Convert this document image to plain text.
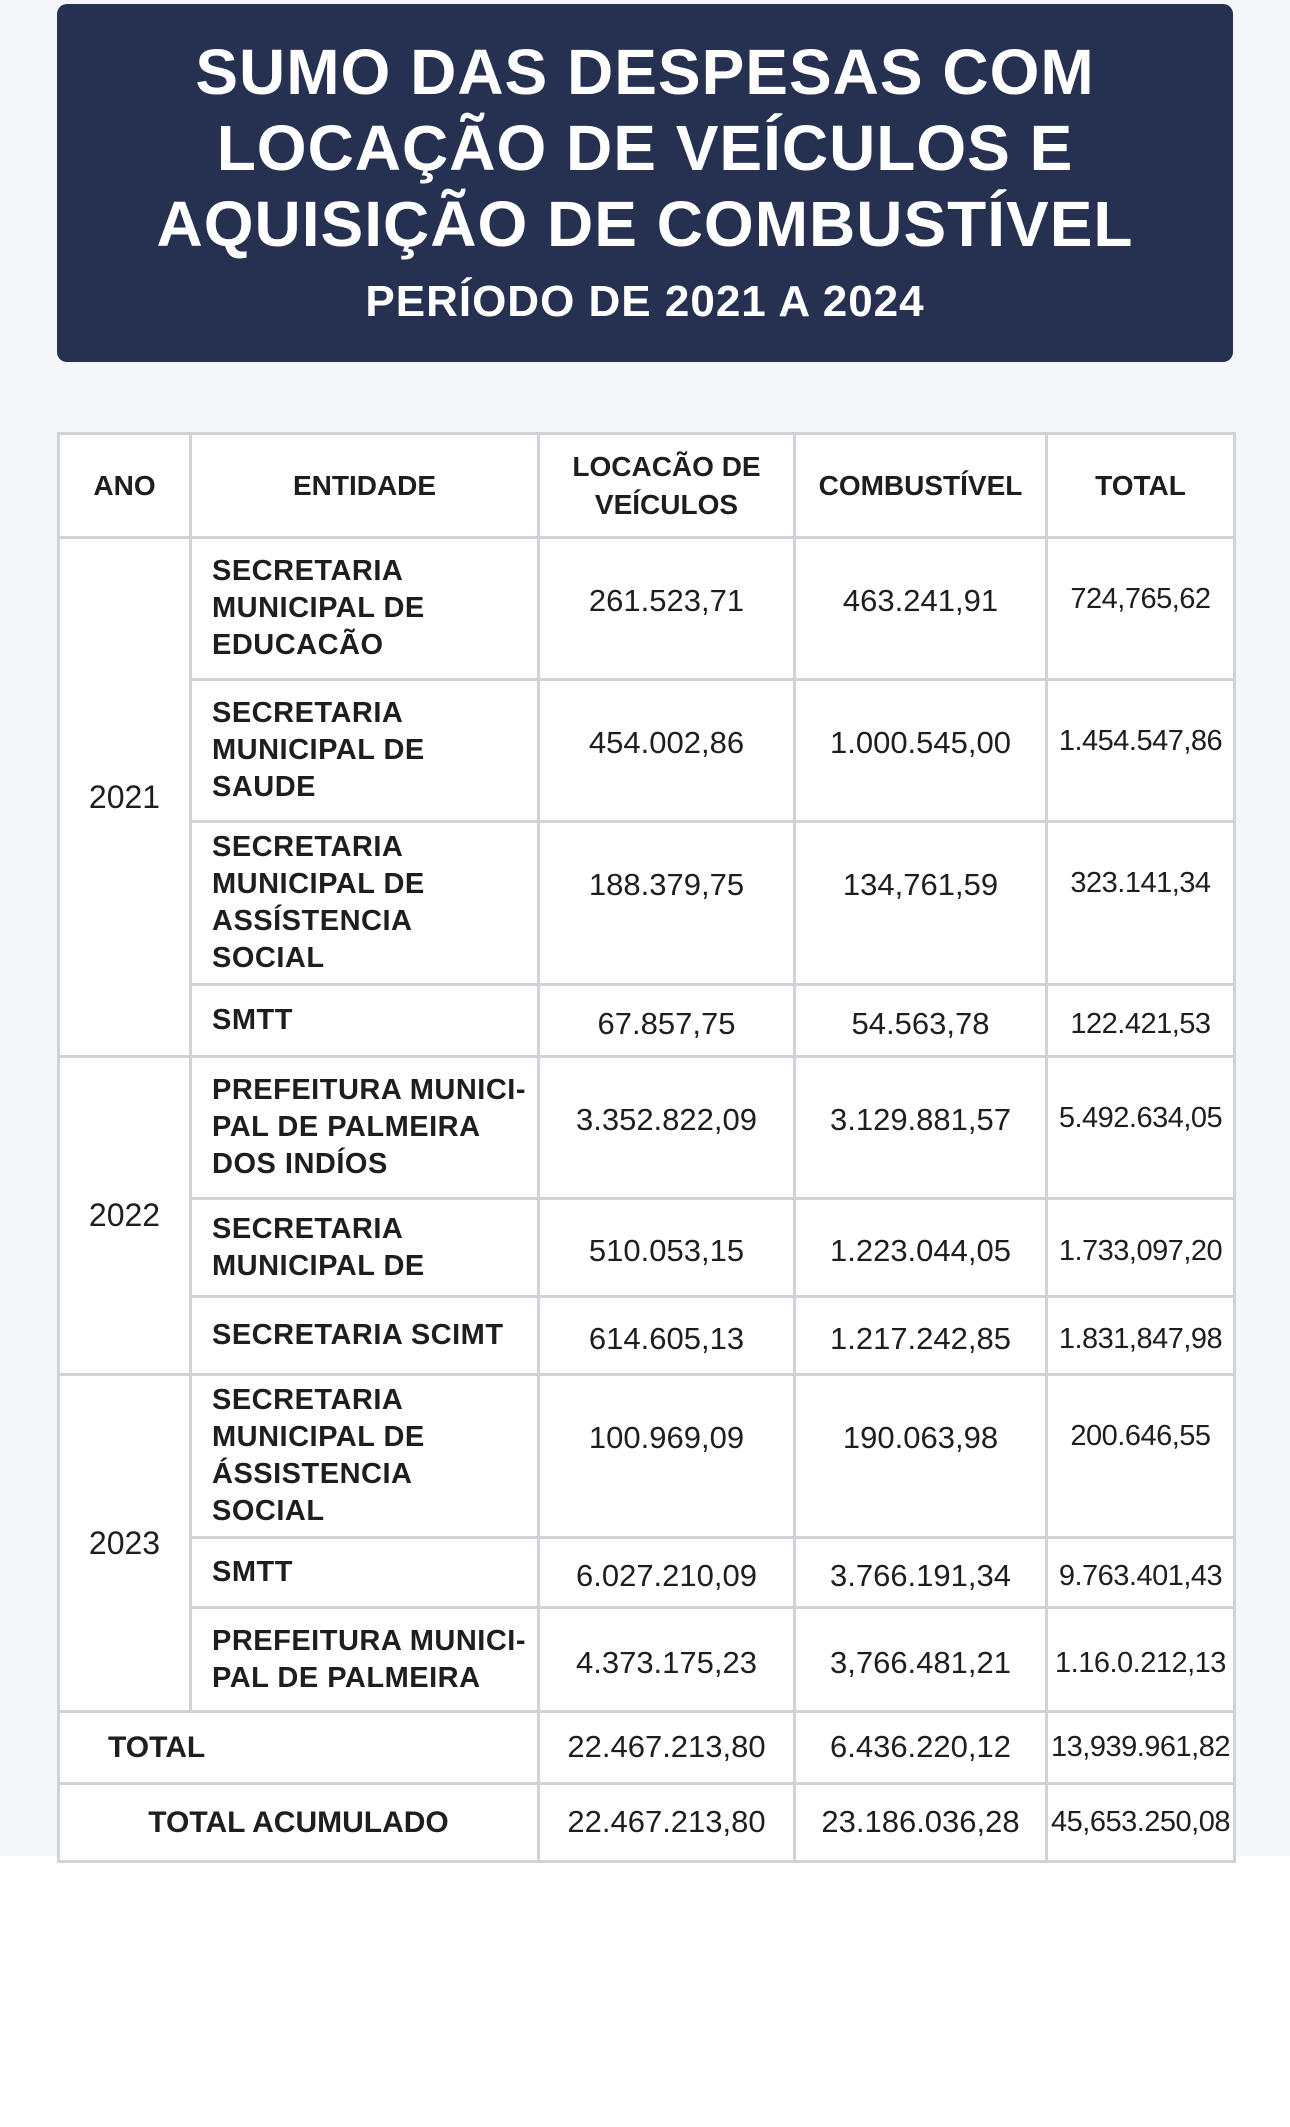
SUMO DAS DESPESAS COM
LOCAÇÃO DE VEÍCULOS E
AQUISIÇÃO DE COMBUSTÍVEL
PERÍODO DE 2021 A 2024
ANO	ENTIDADE	LOCACÃO DE VEÍCULOS	COMBUSTÍVEL	TOTAL
2021	SECRETARIA MUNICIPAL DE EDUCACÃO	261.523,71	463.241,91	724,765,62
	SECRETARIA MUNICIPAL DE SAUDE	454.002,86	1.000.545,00	1.454.547,86
	SECRETARIA MUNICIPAL DE ASSÍSTENCIA SOCIAL	188.379,75	134,761,59	323.141,34
	SMTT	67.857,75	54.563,78	122.421,53
2022	PREFEITURA MUNICI-PAL DE PALMEIRA DOS INDÍOS	3.352.822,09	3.129.881,57	5.492.634,05
	SECRETARIA MUNICIPAL DE	510.053,15	1.223.044,05	1.733,097,20
	SECRETARIA SCIMT	614.605,13	1.217.242,85	1.831,847,98
2023	SECRETARIA MUNICIPAL DE ÁSSISTENCIA SOCIAL	100.969,09	190.063,98	200.646,55
	SMTT	6.027.210,09	3.766.191,34	9.763.401,43
	PREFEITURA MUNICI-PAL DE PALMEIRA	4.373.175,23	3,766.481,21	1.16.0.212,13
TOTAL		22.467.213,80	6.436.220,12	13,939.961,82
TOTAL ACUMULADO		22.467.213,80	23.186.036,28	45,653.250,08
